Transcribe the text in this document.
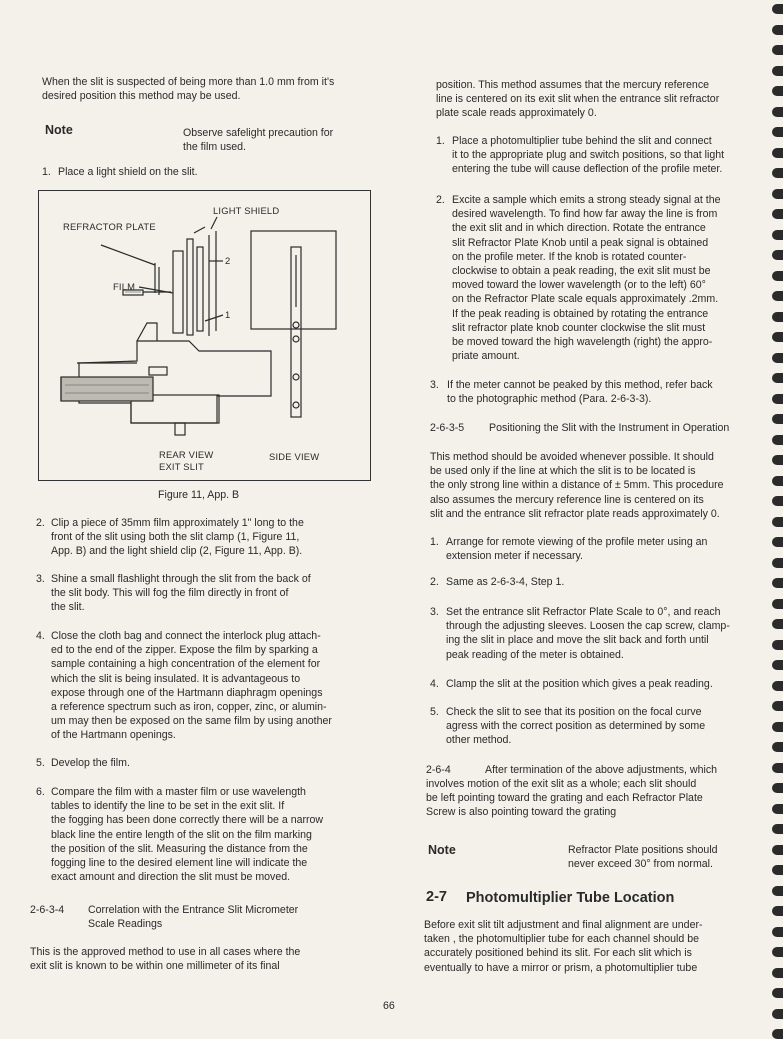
When the slit is suspected of being more than 1.0 mm from it's
desired position this method may be used.
Note	Observe safelight precaution for
the film used.
1. Place a light shield on the slit.
REFRACTOR PLATE
LIGHT SHIELD
FILM
2
1
REAR VIEW
EXIT SLIT
SIDE VIEW
Figure 11, App. B
2. Clip a piece of 35mm film approximately 1" long to the
front of the slit using both the slit clamp (1, Figure 11,
App. B) and the light shield clip (2, Figure 11, App. B).
3. Shine a small flashlight through the slit from the back of
the slit body. This will fog the film directly in front of
the slit.
4. Close the cloth bag and connect the interlock plug attach-
ed to the end of the zipper. Expose the film by sparking a
sample containing a high concentration of the element for
which the slit is being insulated. It is advantageous to
expose through one of the Hartmann diaphragm openings
a reference spectrum such as iron, copper, zinc, or alumin-
um may then be exposed on the same film by using another
of the Hartmann openings.
5. Develop the film.
6. Compare the film with a master film or use wavelength
tables to identify the line to be set in the exit slit. If
the fogging has been done correctly there will be a narrow
black line the entire length of the slit on the film marking
the position of the slit. Measuring the distance from the
fogging line to the desired element line will indicate the
exact amount and direction the slit must be moved.
2-6-3-4 Correlation with the Entrance Slit Micrometer
Scale Readings
This is the approved method to use in all cases where the
exit slit is known to be within one millimeter of its final
position. This method assumes that the mercury reference
line is centered on its exit slit when the entrance slit refractor
plate scale reads approximately 0.
1. Place a photomultiplier tube behind the slit and connect
it to the appropriate plug and switch positions, so that light
entering the tube will cause deflection of the profile meter.
2. Excite a sample which emits a strong steady signal at the
desired wavelength. To find how far away the line is from
the exit slit and in which direction. Rotate the entrance
slit Refractor Plate Knob until a peak signal is obtained
on the profile meter. If the knob is rotated counter-
clockwise to obtain a peak reading, the exit slit must be
moved toward the lower wavelength (or to the left) 60°
on the Refractor Plate scale equals approximately .2mm.
If the peak reading is obtained by rotating the entrance
slit refractor plate knob counter clockwise the slit must
be moved toward the high wavelength (right) the appro-
priate amount.
3. If the meter cannot be peaked by this method, refer back
to the photographic method (Para. 2-6-3-3).
2-6-3-5 Positioning the Slit with the Instrument in Operation
This method should be avoided whenever possible. It should
be used only if the line at which the slit is to be located is
the only strong line within a distance of ± 5mm. This procedure
also assumes the mercury reference line is centered on its
slit and the entrance slit refractor plate reads approximately 0.
1. Arrange for remote viewing of the profile meter using an
extension meter if necessary.
2. Same as 2-6-3-4, Step 1.
3. Set the entrance slit Refractor Plate Scale to 0°, and reach
through the adjusting sleeves. Loosen the cap screw, clamp-
ing the slit in place and move the slit back and forth until
peak reading of the meter is obtained.
4. Clamp the slit at the position which gives a peak reading.
5. Check the slit to see that its position on the focal curve
agress with the correct position as determined by some
other method.
2-6-4	After termination of the above adjustments, which
involves motion of the exit slit as a whole; each slit should
be left pointing toward the grating and each Refractor Plate
Screw is also pointing toward the grating
Note	Refractor Plate positions should
never exceed 30° from normal.
2-7 Photomultiplier Tube Location
Before exit slit tilt adjustment and final alignment are under-
taken , the photomultiplier tube for each channel should be
accurately positioned behind its slit. For each slit which is
eventually to have a mirror or prism, a photomultiplier tube
66
